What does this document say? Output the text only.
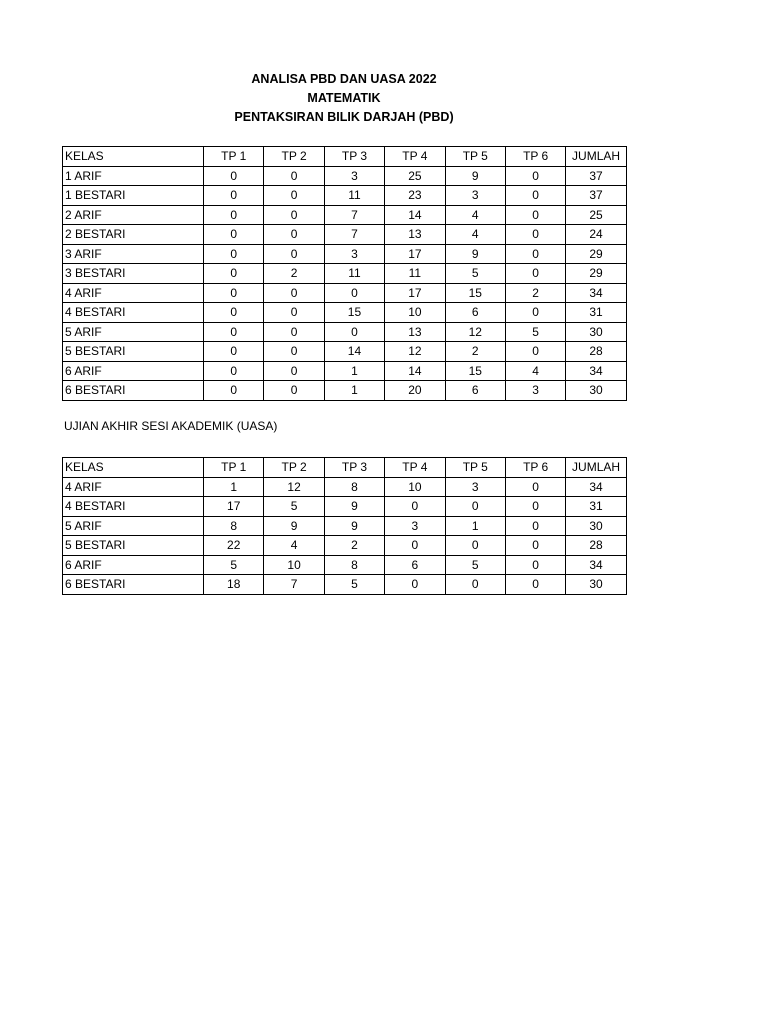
ANALISA PBD DAN UASA 2022
MATEMATIK
PENTAKSIRAN BILIK DARJAH (PBD)
KELAS	TP 1	TP 2	TP 3	TP 4	TP 5	TP 6	JUMLAH
1 ARIF	0	0	3	25	9	0	37
1 BESTARI	0	0	11	23	3	0	37
2 ARIF	0	0	7	14	4	0	25
2 BESTARI	0	0	7	13	4	0	24
3 ARIF	0	0	3	17	9	0	29
3 BESTARI	0	2	11	11	5	0	29
4 ARIF	0	0	0	17	15	2	34
4 BESTARI	0	0	15	10	6	0	31
5 ARIF	0	0	0	13	12	5	30
5 BESTARI	0	0	14	12	2	0	28
6 ARIF	0	0	1	14	15	4	34
6 BESTARI	0	0	1	20	6	3	30
UJIAN AKHIR SESI AKADEMIK (UASA)
KELAS	TP 1	TP 2	TP 3	TP 4	TP 5	TP 6	JUMLAH
4 ARIF	1	12	8	10	3	0	34
4 BESTARI	17	5	9	0	0	0	31
5 ARIF	8	9	9	3	1	0	30
5 BESTARI	22	4	2	0	0	0	28
6 ARIF	5	10	8	6	5	0	34
6 BESTARI	18	7	5	0	0	0	30
